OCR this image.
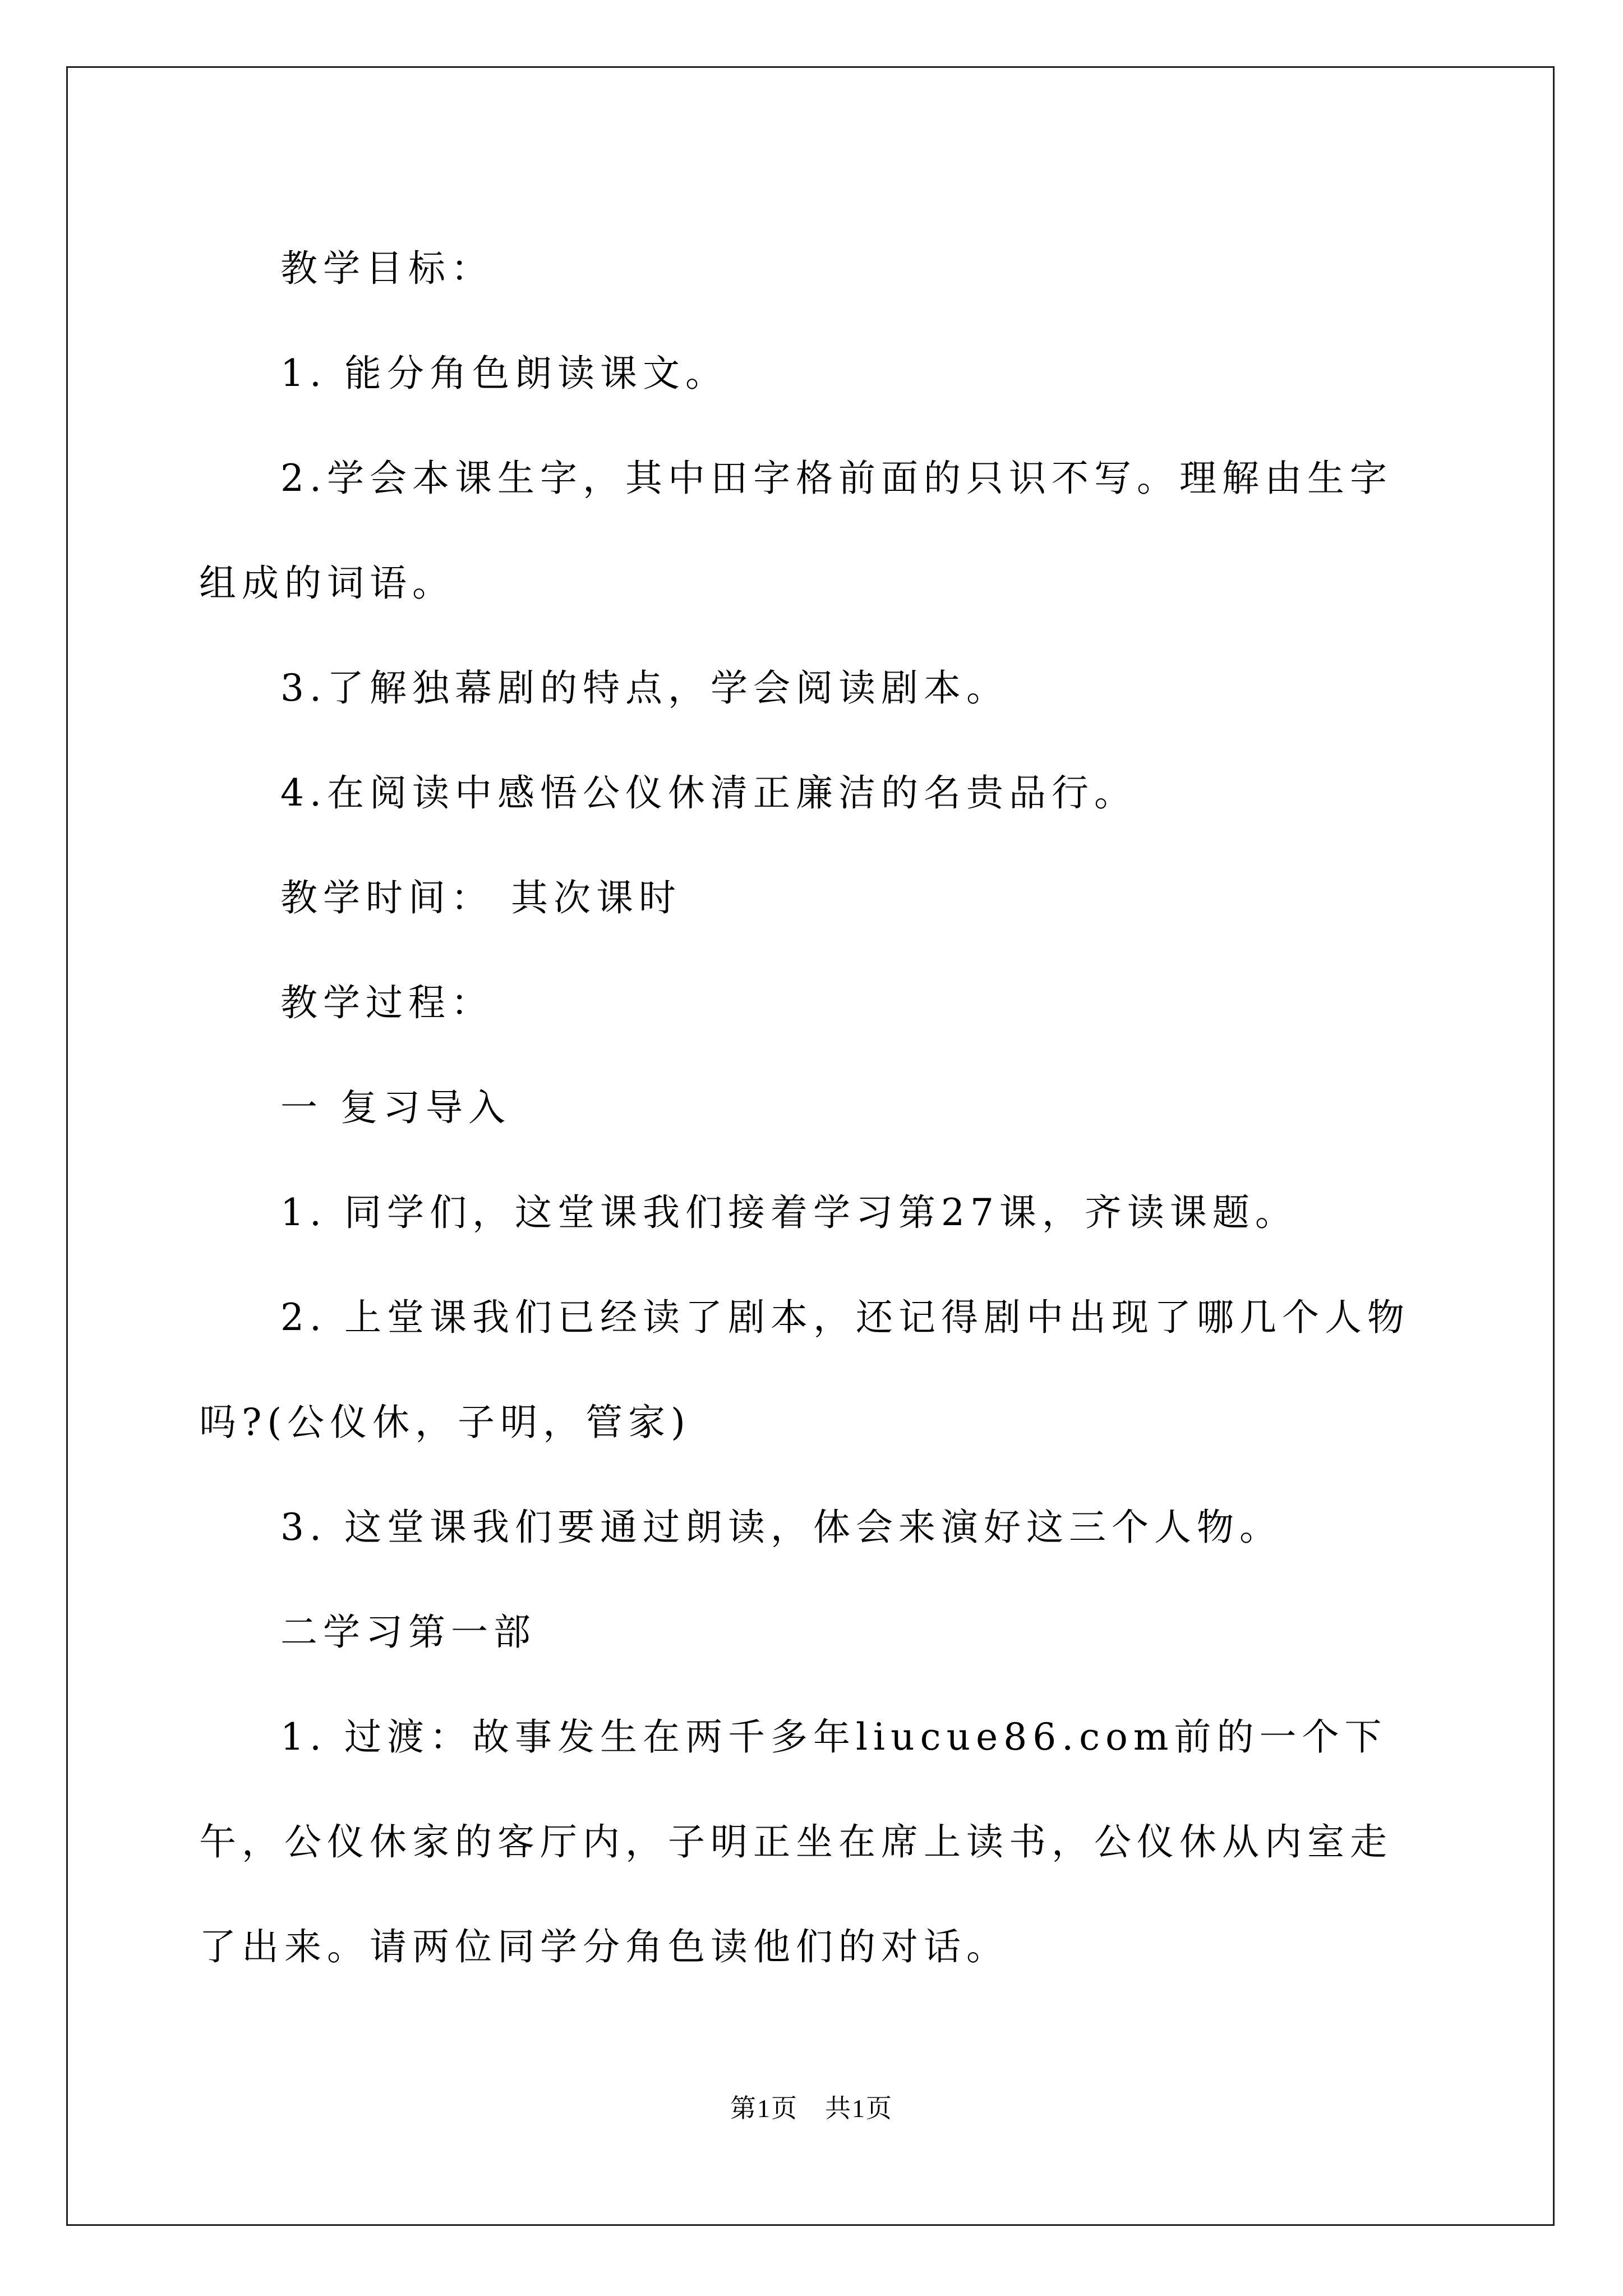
教学目标：

1. 能分角色朗读课文。

2.学会本课生字，其中田字格前面的只识不写。理解由生字组成的词语。

3.了解独幕剧的特点，学会阅读剧本。

4.在阅读中感悟公仪休清正廉洁的名贵品行。

教学时间： 其次课时

教学过程：

一 复习导入

1. 同学们，这堂课我们接着学习第27课，齐读课题。

2. 上堂课我们已经读了剧本，还记得剧中出现了哪几个人物吗?(公仪休，子明，管家)

3. 这堂课我们要通过朗读，体会来演好这三个人物。

二学习第一部

1. 过渡：故事发生在两千多年liucue86.com前的一个下午，公仪休家的客厅内，子明正坐在席上读书，公仪休从内室走了出来。请两位同学分角色读他们的对话。

第1页　共1页
